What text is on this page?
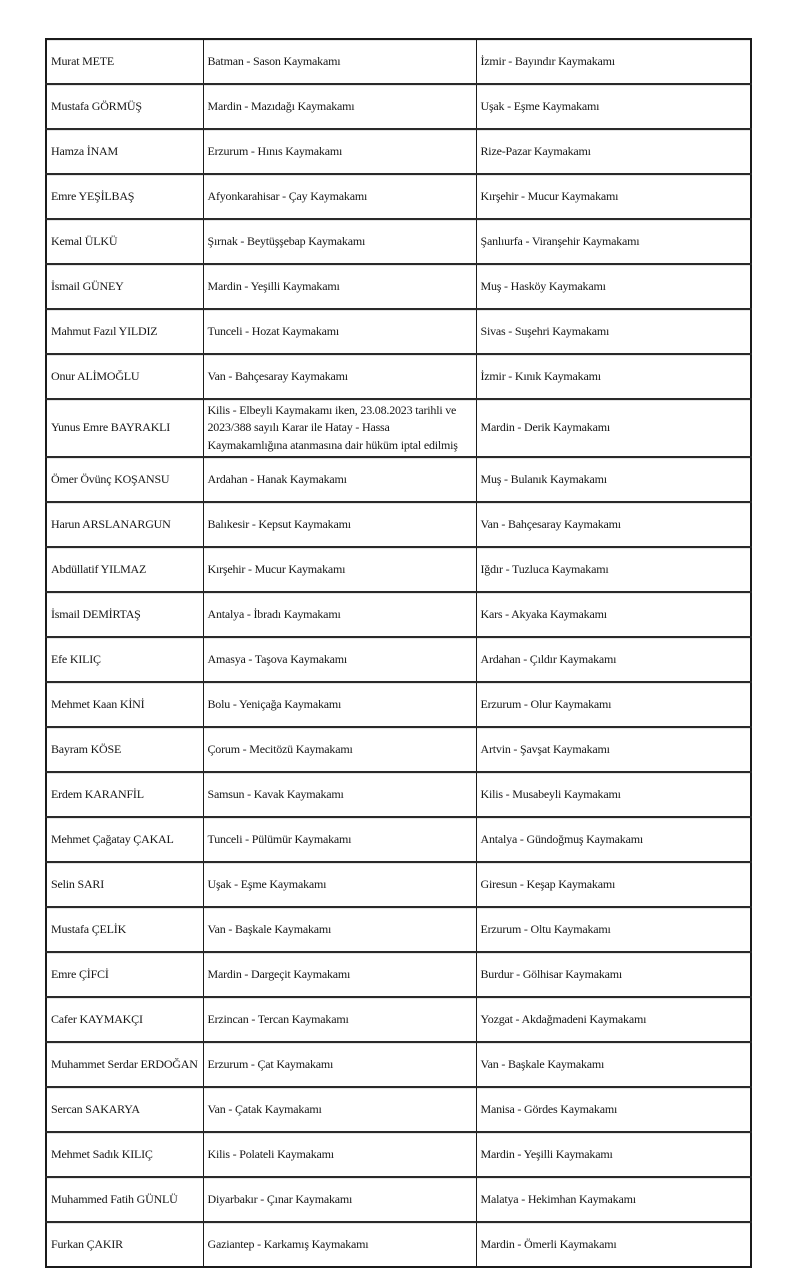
Murat METE	Batman - Sason Kaymakamı	İzmir - Bayındır Kaymakamı
Mustafa GÖRMÜŞ	Mardin - Mazıdağı Kaymakamı	Uşak - Eşme Kaymakamı
Hamza İNAM	Erzurum - Hınıs Kaymakamı	Rize-Pazar Kaymakamı
Emre YEŞİLBAŞ	Afyonkarahisar - Çay Kaymakamı	Kırşehir - Mucur Kaymakamı
Kemal ÜLKÜ	Şırnak - Beytüşşebap Kaymakamı	Şanlıurfa - Viranşehir Kaymakamı
İsmail GÜNEY	Mardin - Yeşilli Kaymakamı	Muş - Hasköy Kaymakamı
Mahmut Fazıl YILDIZ	Tunceli - Hozat Kaymakamı	Sivas - Suşehri Kaymakamı
Onur ALİMOĞLU	Van - Bahçesaray Kaymakamı	İzmir - Kınık Kaymakamı
Yunus Emre BAYRAKLI	Kilis - Elbeyli Kaymakamı iken, 23.08.2023 tarihli ve 2023/388 sayılı Karar ile Hatay - Hassa Kaymakamlığına atanmasına dair hüküm iptal edilmiş	Mardin - Derik Kaymakamı
Ömer Övünç KOŞANSU	Ardahan - Hanak Kaymakamı	Muş - Bulanık Kaymakamı
Harun ARSLANARGUN	Balıkesir - Kepsut Kaymakamı	Van - Bahçesaray Kaymakamı
Abdüllatif YILMAZ	Kırşehir - Mucur Kaymakamı	Iğdır - Tuzluca Kaymakamı
İsmail DEMİRTAŞ	Antalya - İbradı Kaymakamı	Kars - Akyaka Kaymakamı
Efe KILIÇ	Amasya - Taşova Kaymakamı	Ardahan - Çıldır Kaymakamı
Mehmet Kaan KİNİ	Bolu - Yeniçağa Kaymakamı	Erzurum - Olur Kaymakamı
Bayram KÖSE	Çorum - Mecitözü Kaymakamı	Artvin - Şavşat Kaymakamı
Erdem KARANFİL	Samsun - Kavak Kaymakamı	Kilis - Musabeyli Kaymakamı
Mehmet Çağatay ÇAKAL	Tunceli - Pülümür Kaymakamı	Antalya - Gündoğmuş Kaymakamı
Selin SARI	Uşak - Eşme Kaymakamı	Giresun - Keşap Kaymakamı
Mustafa ÇELİK	Van - Başkale Kaymakamı	Erzurum - Oltu Kaymakamı
Emre ÇİFCİ	Mardin - Dargeçit Kaymakamı	Burdur - Gölhisar Kaymakamı
Cafer KAYMAKÇI	Erzincan - Tercan Kaymakamı	Yozgat - Akdağmadeni Kaymakamı
Muhammet Serdar ERDOĞAN	Erzurum - Çat Kaymakamı	Van - Başkale Kaymakamı
Sercan SAKARYA	Van - Çatak Kaymakamı	Manisa - Gördes Kaymakamı
Mehmet Sadık KILIÇ	Kilis - Polateli Kaymakamı	Mardin - Yeşilli Kaymakamı
Muhammed Fatih GÜNLÜ	Diyarbakır - Çınar Kaymakamı	Malatya - Hekimhan Kaymakamı
Furkan ÇAKIR	Gaziantep - Karkamış Kaymakamı	Mardin - Ömerli Kaymakamı
